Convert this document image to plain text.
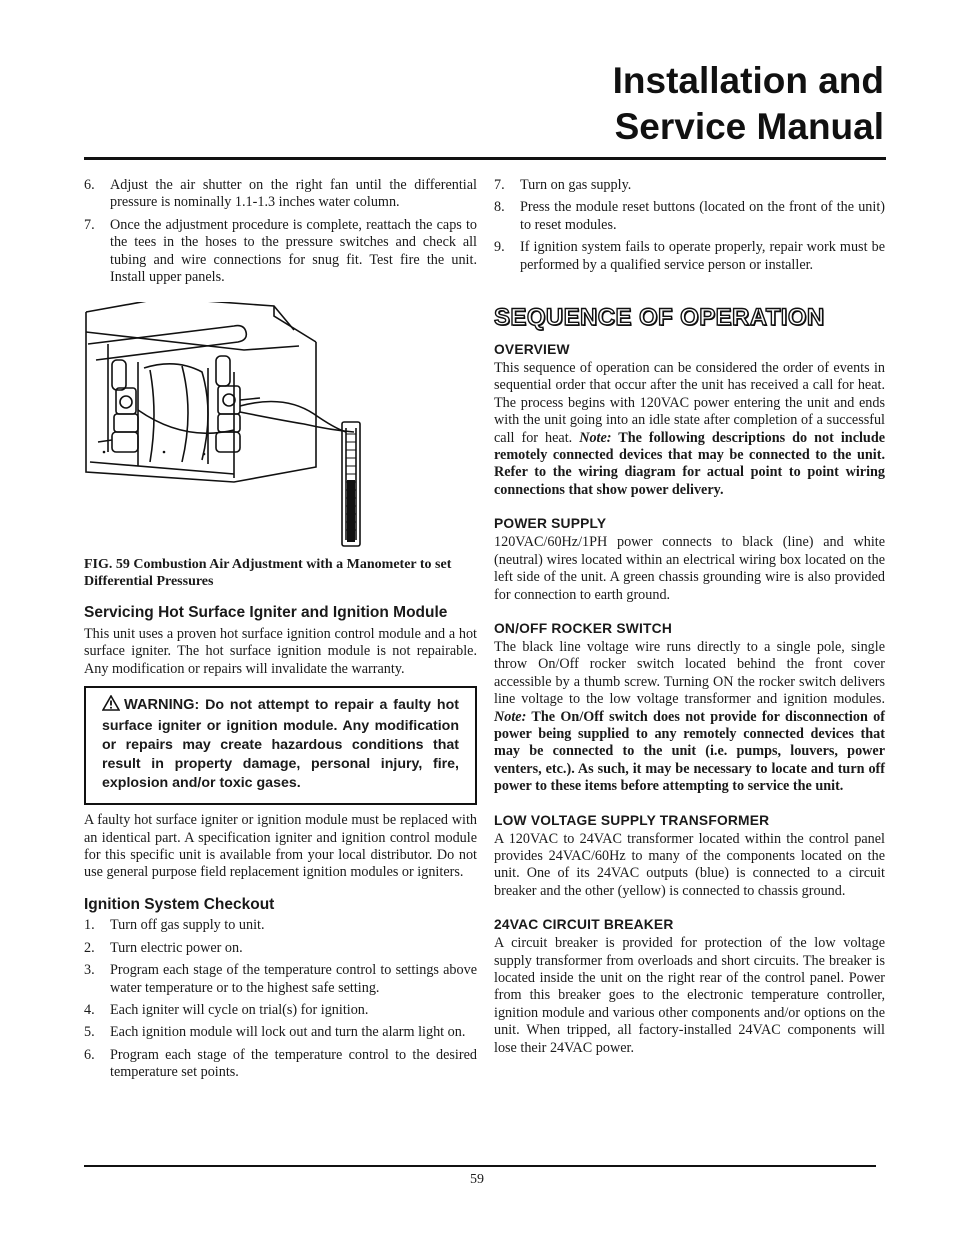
Installation and
Service Manual
6. Adjust the air shutter on the right fan until the differential pressure is nominally 1.1-1.3 inches water column.
7. Once the adjustment procedure is complete, reattach the caps to the tees in the hoses to the pressure switches and check all tubing and wire connections for snug fit. Test fire the unit. Install upper panels.
FIG. 59 Combustion Air Adjustment with a Manometer to set Differential Pressures
Servicing Hot Surface Igniter and Ignition Module

This unit uses a proven hot surface ignition control module and a hot surface igniter. The hot surface ignition module is not repairable. Any modification or repairs will invalidate the warranty.

WARNING: Do not attempt to repair a faulty hot surface igniter or ignition module. Any modification or repairs may create hazardous conditions that result in property damage, personal injury, fire, explosion and/or toxic gases.

A faulty hot surface igniter or ignition module must be replaced with an identical part. A specification igniter and ignition control module for this specific unit is available from your local distributor. Do not use general purpose field replacement ignition modules or igniters.

Ignition System Checkout
1. Turn off gas supply to unit.
2. Turn electric power on.
3. Program each stage of the temperature control to settings above water temperature or to the highest safe setting.
4. Each igniter will cycle on trial(s) for ignition.
5. Each ignition module will lock out and turn the alarm light on.
6. Program each stage of the temperature control to the desired temperature set points.
7. Turn on gas supply.
8. Press the module reset buttons (located on the front of the unit) to reset modules.
9. If ignition system fails to operate properly, repair work must be performed by a qualified service person or installer.
SEQUENCE OF OPERATION
OVERVIEW

This sequence of operation can be considered the order of events in sequential order that occur after the unit has received a call for heat. The process begins with 120VAC power entering the unit and ends with the unit going into an idle state after completion of a successful call for heat. Note: The following descriptions do not include remotely connected devices that may be connected to the unit. Refer to the wiring diagram for actual point to point wiring connections that show power delivery.

POWER SUPPLY

120VAC/60Hz/1PH power connects to black (line) and white (neutral) wires located within an electrical wiring box located on the left side of the unit. A green chassis grounding wire is also provided for connection to earth ground.

ON/OFF ROCKER SWITCH

The black line voltage wire runs directly to a single pole, single throw On/Off rocker switch located behind the front cover accessible by a thumb screw. Turning ON the rocker switch delivers line voltage to the low voltage transformer and ignition modules. Note: The On/Off switch does not provide for disconnection of power being supplied to any remotely connected devices that may be connected to the unit (i.e. pumps, louvers, power venters, etc.). As such, it may be necessary to locate and turn off power to these items before attempting to service the unit.

LOW VOLTAGE SUPPLY TRANSFORMER

A 120VAC to 24VAC transformer located within the control panel provides 24VAC/60Hz to many of the components located on the unit. One of its 24VAC outputs (blue) is connected to a circuit breaker and the other (yellow) is connected to chassis ground.

24VAC CIRCUIT BREAKER

A circuit breaker is provided for protection of the low voltage supply transformer from overloads and short circuits. The breaker is located inside the unit on the right rear of the control panel. Power from this breaker goes to the electronic temperature controller, ignition module and various other components and/or options on the unit. When tripped, all factory-installed 24VAC components will lose their 24VAC power.

59
